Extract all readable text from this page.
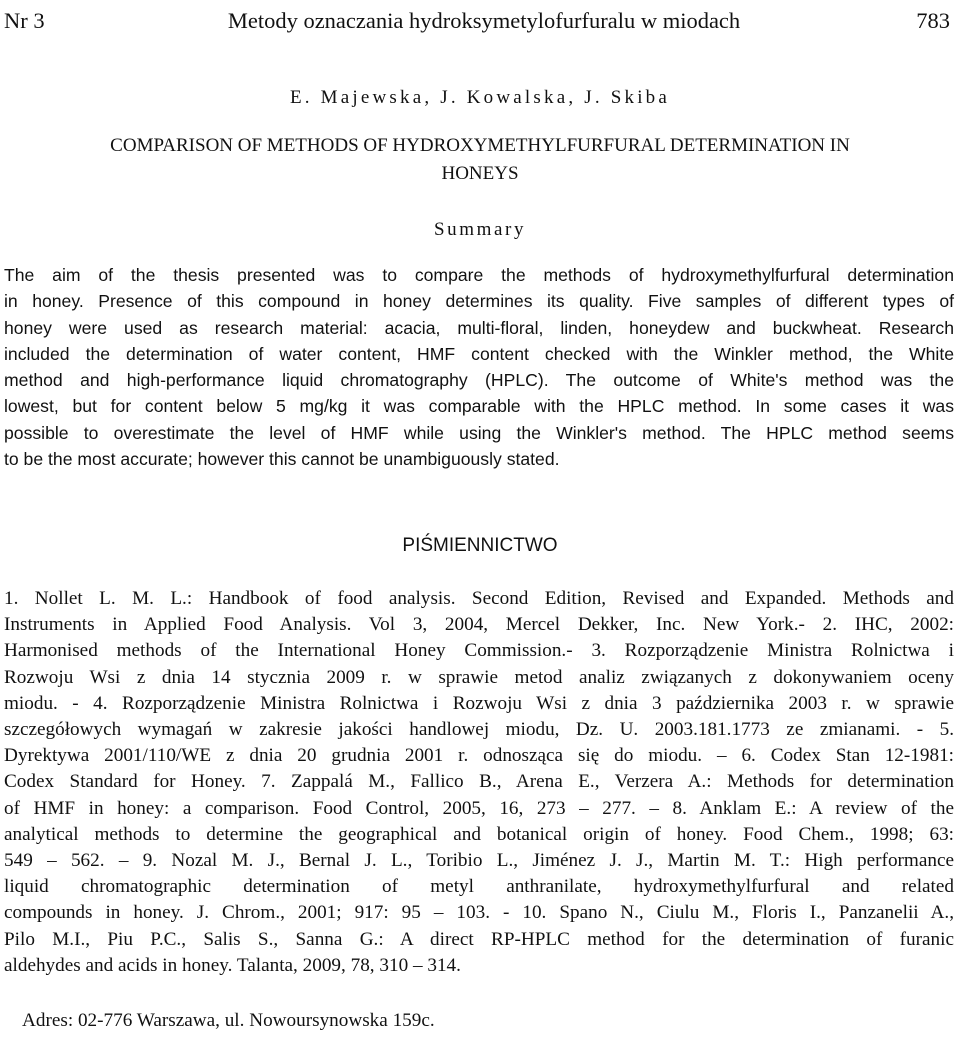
Nr 3	Metody oznaczania hydroksymetylofurfuralu w miodach	783
E. Majewska, J. Kowalska, J. Skiba
COMPARISON OF METHODS OF HYDROXYMETHYLFURFURAL DETERMINATION IN
HONEYS
Summary
The aim of the thesis presented was to compare the methods of hydroxymethylfurfural determination
in honey. Presence of this compound in honey determines its quality. Five samples of different types of
honey were used as research material: acacia, multi-floral, linden, honeydew and buckwheat. Research
included the determination of water content, HMF content checked with the Winkler method, the White
method and high-performance liquid chromatography (HPLC). The outcome of White's method was the
lowest, but for content below 5 mg/kg it was comparable with the HPLC method. In some cases it was
possible to overestimate the level of HMF while using the Winkler's method. The HPLC method seems
to be the most accurate; however this cannot be unambiguously stated.
PIŚMIENNICTWO
1. Nollet L. M. L.: Handbook of food analysis. Second Edition, Revised and Expanded. Methods and
Instruments in Applied Food Analysis. Vol 3, 2004, Mercel Dekker, Inc. New York.- 2. IHC, 2002:
Harmonised methods of the International Honey Commission.- 3. Rozporządzenie Ministra Rolnictwa i
Rozwoju Wsi z dnia 14 stycznia 2009 r. w sprawie metod analiz związanych z dokonywaniem oceny
miodu. - 4. Rozporządzenie Ministra Rolnictwa i Rozwoju Wsi z dnia 3 października 2003 r. w sprawie
szczegółowych wymagań w zakresie jakości handlowej miodu, Dz. U. 2003.181.1773 ze zmianami. - 5.
Dyrektywa 2001/110/WE z dnia 20 grudnia 2001 r. odnosząca się do miodu. – 6. Codex Stan 12-1981:
Codex Standard for Honey. 7. Zappalá M., Fallico B., Arena E., Verzera A.: Methods for determination
of HMF in honey: a comparison. Food Control, 2005, 16, 273 – 277. – 8. Anklam E.: A review of the
analytical methods to determine the geographical and botanical origin of honey. Food Chem., 1998; 63:
549 – 562. – 9. Nozal M. J., Bernal J. L., Toribio L., Jiménez J. J., Martin M. T.: High performance
liquid chromatographic determination of metyl anthranilate, hydroxymethylfurfural and related
compounds in honey. J. Chrom., 2001; 917: 95 – 103. - 10. Spano N., Ciulu M., Floris I., Panzanelii A.,
Pilo M.I., Piu P.C., Salis S., Sanna G.: A direct RP-HPLC method for the determination of furanic
aldehydes and acids in honey. Talanta, 2009, 78, 310 – 314.
Adres: 02-776 Warszawa, ul. Nowoursynowska 159c.
